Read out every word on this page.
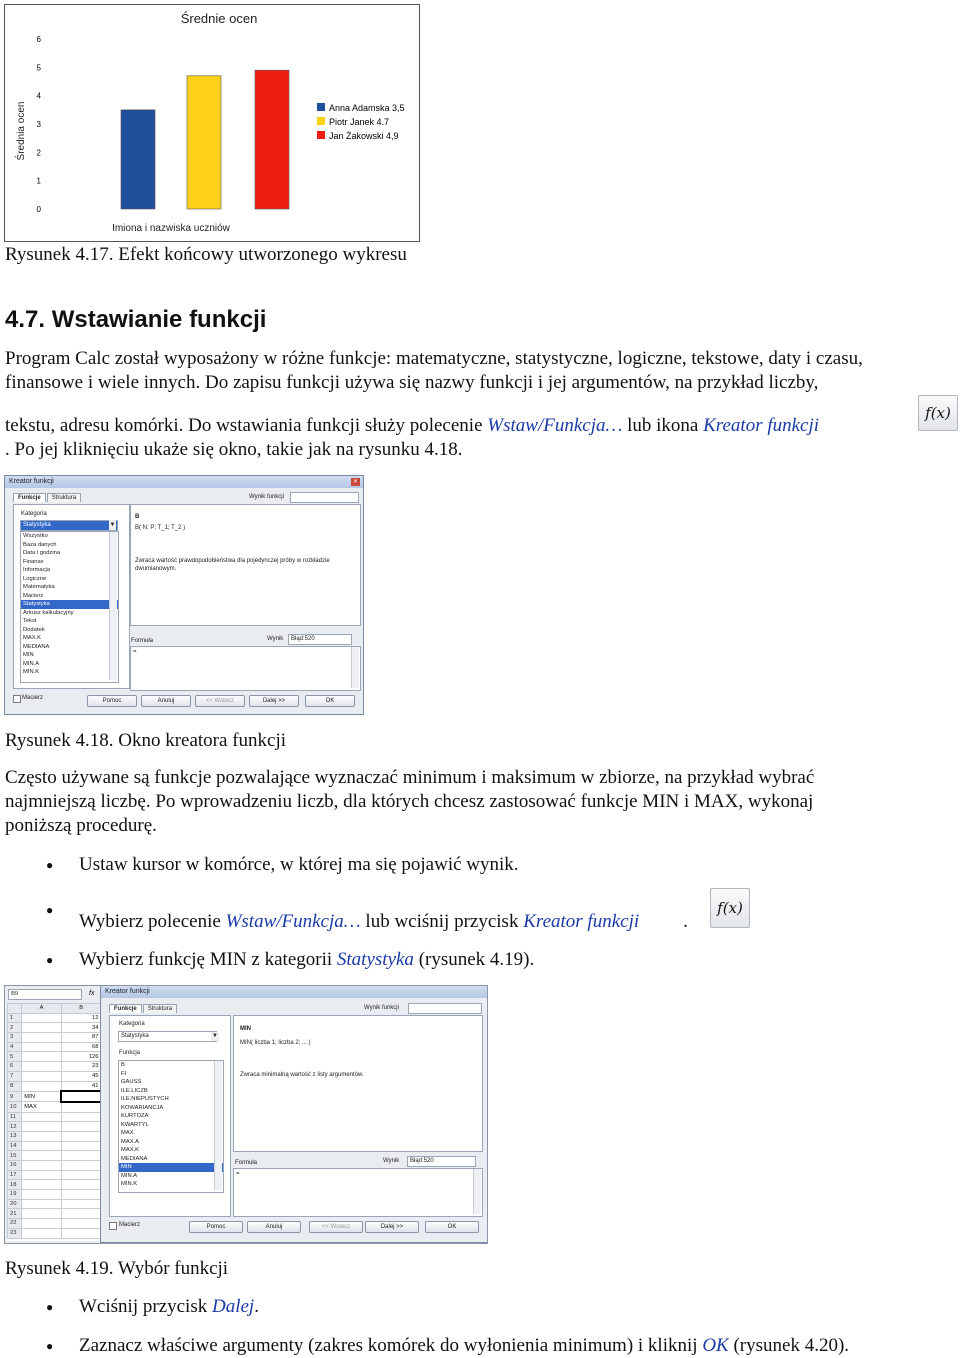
Średnie ocen
Średnia ocen
Imiona i nazwiska uczniów
0
1
2
3
4
5
6
Anna Adamska 3,5
Piotr Janek 4.7
Jan Żakowski 4,9
Rysunek 4.17. Efekt końcowy utworzonego wykresu
4.7. Wstawianie funkcji
Program Calc został wyposażony w różne funkcje: matematyczne, statystyczne, logiczne, tekstowe, daty i czasu,
finansowe i wiele innych. Do zapisu funkcji używa się nazwy funkcji i jej argumentów, na przykład liczby,
tekstu, adresu komórki. Do wstawiania funkcji służy polecenie Wstaw/Funkcja… lub ikona Kreator funkcji
. Po jej kliknięciu ukaże się okno, takie jak na rysunku 4.18.
f(x)
Kreator funkcji	✕
Funkcje Struktura
Kategoria
Statystyka	▼
Wszystko
Baza danych
Data i godzina
Finanse
Informacja
Logiczne
Matematyka
Macierz
Statystyka
Arkusz kalkulacyjny
Tekst
Dodatek
MAX.K
MEDIANA
MIN
MIN.A
MIN.K
Wynik funkcji
B
B( N; P; T_1; T_2 )
Zwraca wartość prawdopodobieństwa dla pojedynczej próby w rozkładzie dwumianowym.
Formuła	Wynik	Błąd:520
=
Macierz	Pomoc	Anuluj	<< Wstecz	Dalej >>	OK
Rysunek 4.18. Okno kreatora funkcji
Często używane są funkcje pozwalające wyznaczać minimum i maksimum w zbiorze, na przykład wybrać
najmniejszą liczbę. Po wprowadzeniu liczb, dla których chcesz zastosować funkcje MIN i MAX, wykonaj
poniższą procedurę.
● Ustaw kursor w komórce, w której ma się pojawić wynik.
● Wybierz polecenie Wstaw/Funkcja… lub wciśnij przycisk Kreator funkcji .
● Wybierz funkcję MIN z kategorii Statystyka (rysunek 4.19).
f(x)
B9	fx
	A	B
1		12
2		34
3		87
4		68
5		126
6		23
7		45
8		41
9	MIN	
10	MAX	
11		
12		
13		
14		
15		
16		
17		
18		
19		
20		
21		
22		
23		
Kreator funkcji
Funkcje Struktura
Kategoria
Statystyka	▼
Funkcja
B
FI
GAUSS
ILE.LICZB
ILE.NIEPUSTYCH
KOWARIANCJA
KURTOZA
KWARTYL
MAX
MAX.A
MAX.K
MEDIANA
MIN
MIN.A
MIN.K
Wynik funkcji
MIN
MIN( liczba 1; liczba 2; ... )
Zwraca minimalną wartość z listy argumentów.
Formuła	Wynik	Błąd:520
=
Macierz	Pomoc	Anuluj	<< Wstecz	Dalej >>	OK
Rysunek 4.19. Wybór funkcji
● Wciśnij przycisk Dalej.
● Zaznacz właściwe argumenty (zakres komórek do wyłonienia minimum) i kliknij OK (rysunek 4.20).
